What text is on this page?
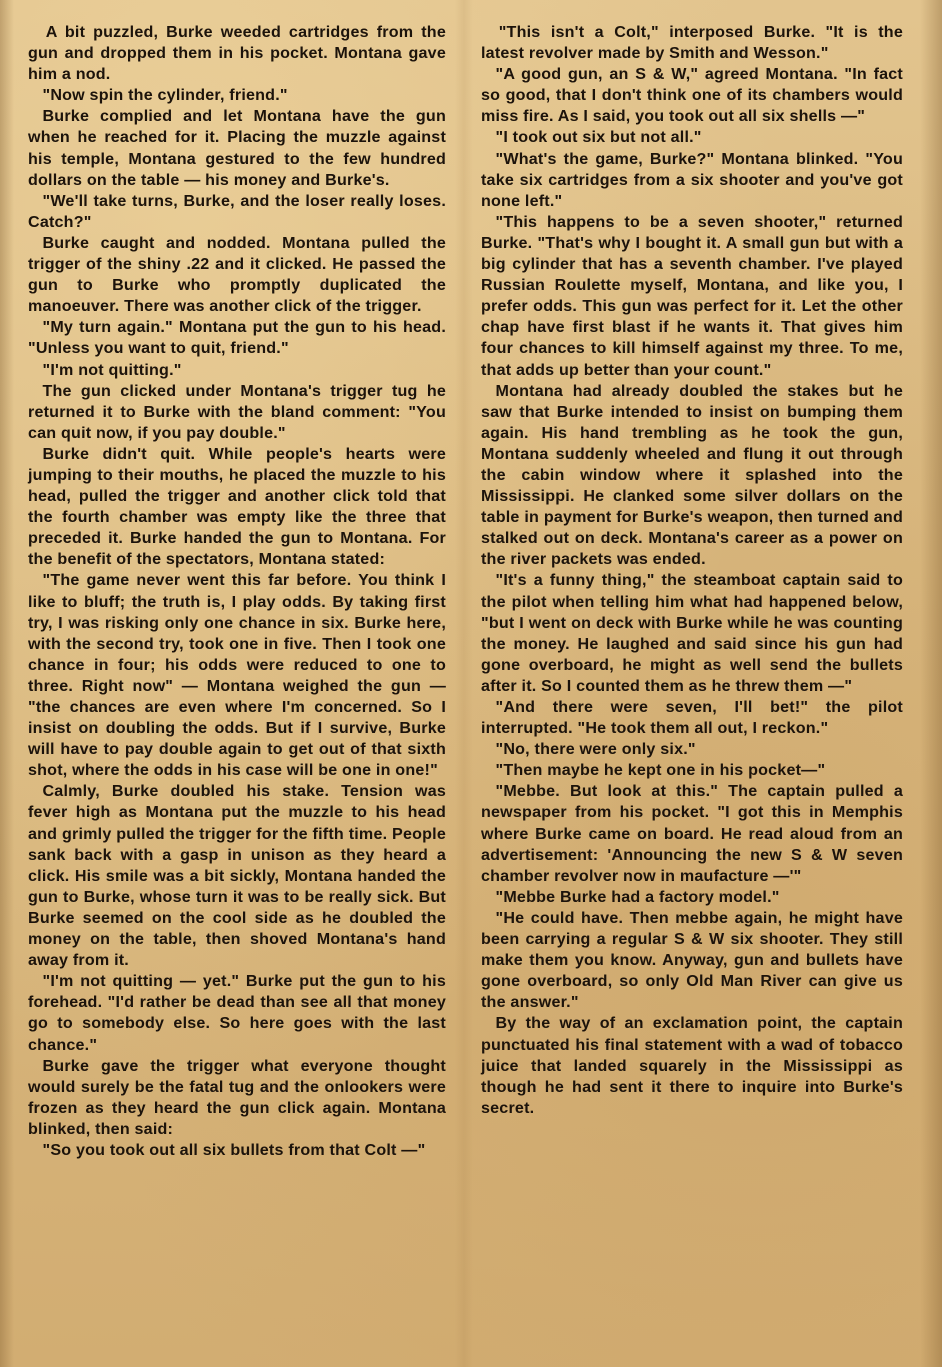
A bit puzzled, Burke weeded cartridges from the gun and dropped them in his pocket. Montana gave him a nod.

"Now spin the cylinder, friend."

Burke complied and let Montana have the gun when he reached for it. Placing the muzzle against his temple, Montana gestured to the few hundred dollars on the table — his money and Burke's.

"We'll take turns, Burke, and the loser really loses. Catch?"

Burke caught and nodded. Montana pulled the trigger of the shiny .22 and it clicked. He passed the gun to Burke who promptly duplicated the manoeuver. There was another click of the trigger.

"My turn again." Montana put the gun to his head. "Unless you want to quit, friend."

"I'm not quitting."

The gun clicked under Montana's trigger tug he returned it to Burke with the bland comment: "You can quit now, if you pay double."

Burke didn't quit. While people's hearts were jumping to their mouths, he placed the muzzle to his head, pulled the trigger and another click told that the fourth chamber was empty like the three that preceded it. Burke handed the gun to Montana. For the benefit of the spectators, Montana stated:

"The game never went this far before. You think I like to bluff; the truth is, I play odds. By taking first try, I was risking only one chance in six. Burke here, with the second try, took one in five. Then I took one chance in four; his odds were reduced to one to three. Right now" — Montana weighed the gun — "the chances are even where I'm concerned. So I insist on doubling the odds. But if I survive, Burke will have to pay double again to get out of that sixth shot, where the odds in his case will be one in one!"

Calmly, Burke doubled his stake. Tension was fever high as Montana put the muzzle to his head and grimly pulled the trigger for the fifth time. People sank back with a gasp in unison as they heard a click. His smile was a bit sickly, Montana handed the gun to Burke, whose turn it was to be really sick. But Burke seemed on the cool side as he doubled the money on the table, then shoved Montana's hand away from it.

"I'm not quitting — yet." Burke put the gun to his forehead. "I'd rather be dead than see all that money go to somebody else. So here goes with the last chance."

Burke gave the trigger what everyone thought would surely be the fatal tug and the onlookers were frozen as they heard the gun click again. Montana blinked, then said:

"So you took out all six bullets from that Colt —"

"This isn't a Colt," interposed Burke. "It is the latest revolver made by Smith and Wesson."

"A good gun, an S & W," agreed Montana. "In fact so good, that I don't think one of its chambers would miss fire. As I said, you took out all six shells —"

"I took out six but not all."

"What's the game, Burke?" Montana blinked. "You take six cartridges from a six shooter and you've got none left."

"This happens to be a seven shooter," returned Burke. "That's why I bought it. A small gun but with a big cylinder that has a seventh chamber. I've played Russian Roulette myself, Montana, and like you, I prefer odds. This gun was perfect for it. Let the other chap have first blast if he wants it. That gives him four chances to kill himself against my three. To me, that adds up better than your count."

Montana had already doubled the stakes but he saw that Burke intended to insist on bumping them again. His hand trembling as he took the gun, Montana suddenly wheeled and flung it out through the cabin window where it splashed into the Mississippi. He clanked some silver dollars on the table in payment for Burke's weapon, then turned and stalked out on deck. Montana's career as a power on the river packets was ended.

"It's a funny thing," the steamboat captain said to the pilot when telling him what had happened below, "but I went on deck with Burke while he was counting the money. He laughed and said since his gun had gone overboard, he might as well send the bullets after it. So I counted them as he threw them —"

"And there were seven, I'll bet!" the pilot interrupted. "He took them all out, I reckon."

"No, there were only six."

"Then maybe he kept one in his pocket—"

"Mebbe. But look at this." The captain pulled a newspaper from his pocket. "I got this in Memphis where Burke came on board. He read aloud from an advertisement: 'Announcing the new S & W seven chamber revolver now in maufacture —'"

"Mebbe Burke had a factory model."

"He could have. Then mebbe again, he might have been carrying a regular S & W six shooter. They still make them you know. Anyway, gun and bullets have gone overboard, so only Old Man River can give us the answer."

By the way of an exclamation point, the captain punctuated his final statement with a wad of tobacco juice that landed squarely in the Mississippi as though he had sent it there to inquire into Burke's secret.
